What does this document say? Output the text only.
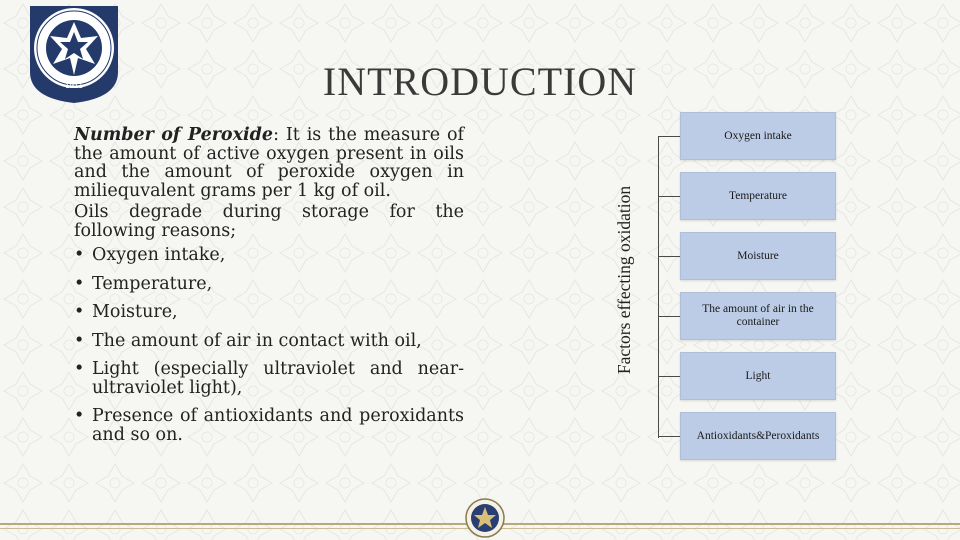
1911	INTRODUCTION

Number of Peroxide: It is the measure of the amount of active oxygen present in oils and the amount of peroxide oxygen in miliequvalent grams per 1 kg of oil.

Oils degrade during storage for the following reasons;

• Oxygen intake,
• Temperature,
• Moisture,
• The amount of air in contact with oil,
• Light (especially ultraviolet and near-ultraviolet light),
• Presence of antioxidants and peroxidants and so on.
Factors effecting oxidation
Oxygen intake
Temperature
Moisture
The amount of air in the container
Light
Antioxidants&Peroxidants
